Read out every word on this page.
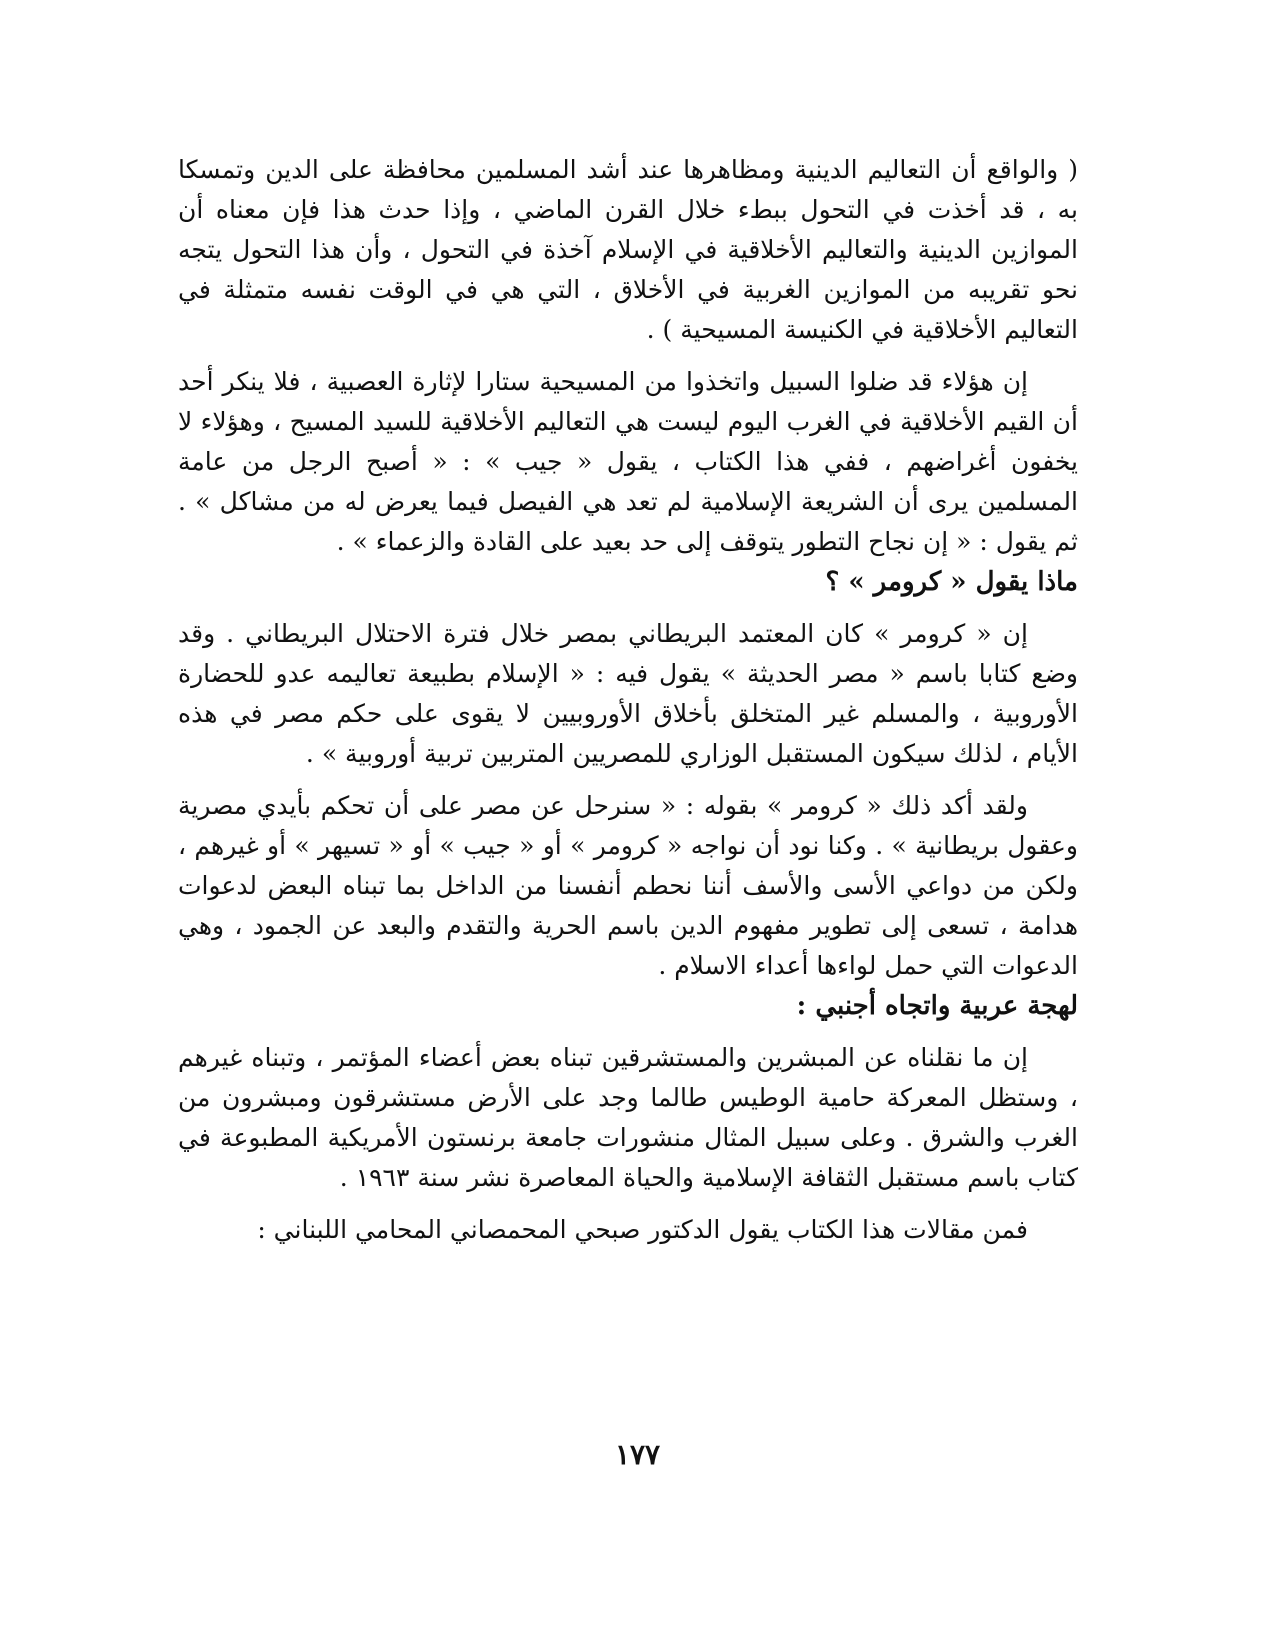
( والواقع أن التعاليم الدينية ومظاهرها عند أشد المسلمين محافظة على الدين وتمسكا به ، قد أخذت في التحول ببطء خلال القرن الماضي ، وإذا حدث هذا فإن معناه أن الموازين الدينية والتعاليم الأخلاقية في الإسلام آخذة في التحول ، وأن هذا التحول يتجه نحو تقريبه من الموازين الغربية في الأخلاق ، التي هي في الوقت نفسه متمثلة في التعاليم الأخلاقية في الكنيسة المسيحية ) .

إن هؤلاء قد ضلوا السبيل واتخذوا من المسيحية ستارا لإثارة العصبية ، فلا ينكر أحد أن القيم الأخلاقية في الغرب اليوم ليست هي التعاليم الأخلاقية للسيد المسيح ، وهؤلاء لا يخفون أغراضهم ، ففي هذا الكتاب ، يقول « جيب » : « أصبح الرجل من عامة المسلمين يرى أن الشريعة الإسلامية لم تعد هي الفيصل فيما يعرض له من مشاكل » . ثم يقول : « إن نجاح التطور يتوقف إلى حد بعيد على القادة والزعماء » .

ماذا يقول « كرومر » ؟

إن « كرومر » كان المعتمد البريطاني بمصر خلال فترة الاحتلال البريطاني . وقد وضع كتابا باسم « مصر الحديثة » يقول فيه : « الإسلام بطبيعة تعاليمه عدو للحضارة الأوروبية ، والمسلم غير المتخلق بأخلاق الأوروبيين لا يقوى على حكم مصر في هذه الأيام ، لذلك سيكون المستقبل الوزاري للمصريين المتربين تربية أوروبية » .

ولقد أكد ذلك « كرومر » بقوله : « سنرحل عن مصر على أن تحكم بأيدي مصرية وعقول بريطانية » . وكنا نود أن نواجه « كرومر » أو « جيب » أو « تسيهر » أو غيرهم ، ولكن من دواعي الأسى والأسف أننا نحطم أنفسنا من الداخل بما تبناه البعض لدعوات هدامة ، تسعى إلى تطوير مفهوم الدين باسم الحرية والتقدم والبعد عن الجمود ، وهي الدعوات التي حمل لواءها أعداء الاسلام .

لهجة عربية واتجاه أجنبي :

إن ما نقلناه عن المبشرين والمستشرقين تبناه بعض أعضاء المؤتمر ، وتبناه غيرهم ، وستظل المعركة حامية الوطيس طالما وجد على الأرض مستشرقون ومبشرون من الغرب والشرق . وعلى سبيل المثال منشورات جامعة برنستون الأمريكية المطبوعة في كتاب باسم مستقبل الثقافة الإسلامية والحياة المعاصرة نشر سنة ١٩٦٣ .

فمن مقالات هذا الكتاب يقول الدكتور صبحي المحمصاني المحامي اللبناني :

١٧٧
